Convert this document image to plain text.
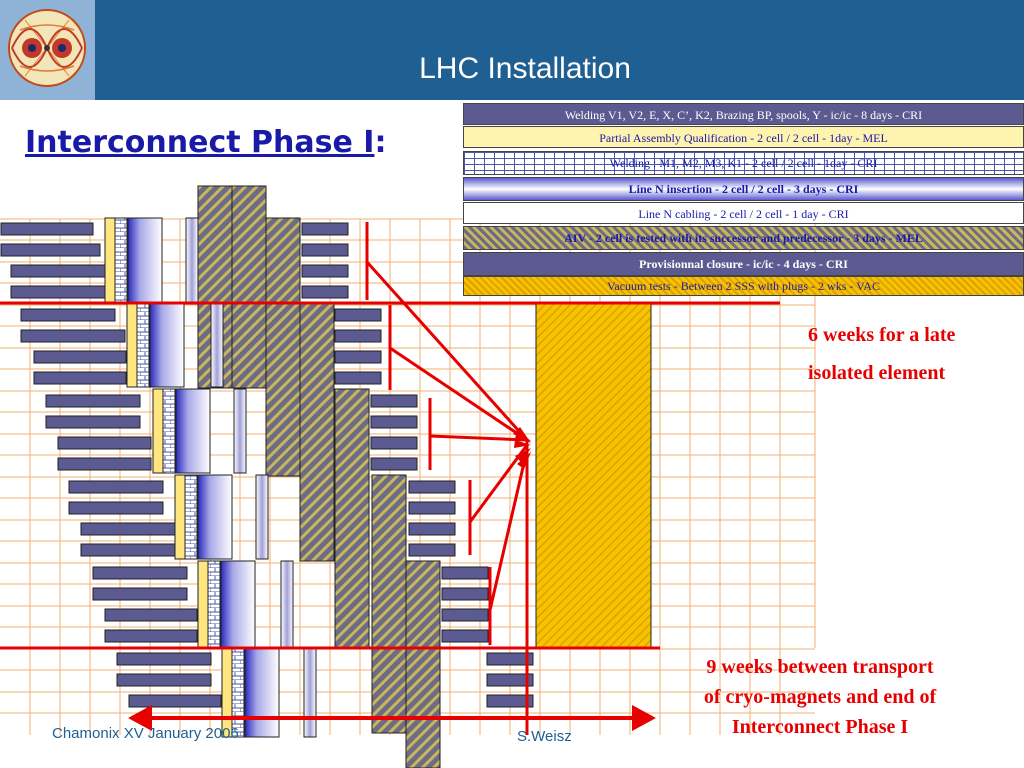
LHC Installation
Interconnect Phase I:
Welding V1, V2, E, X, C’, K2, Brazing BP, spools, Y - ic/ic - 8 days - CRI
Partial Assembly Qualification - 2 cell / 2 cell - 1day - MEL
Welding : M1, M2, M3, K1 - 2 cell / 2 cell - 1day - CRI
Line N insertion - 2 cell / 2 cell - 3 days - CRI
Line N cabling - 2 cell / 2 cell - 1 day - CRI
AIV - 2 cell is tested with its successor and predecessor - 3 days - MEL
Provisionnal closure - ic/ic - 4 days - CRI
Vacuum tests - Between 2 SSS with plugs - 2 wks - VAC
6 weeks for a late
isolated element
9 weeks between transport
of cryo-magnets and end of
Interconnect Phase I
Chamonix XV January 2006	S.Weisz
